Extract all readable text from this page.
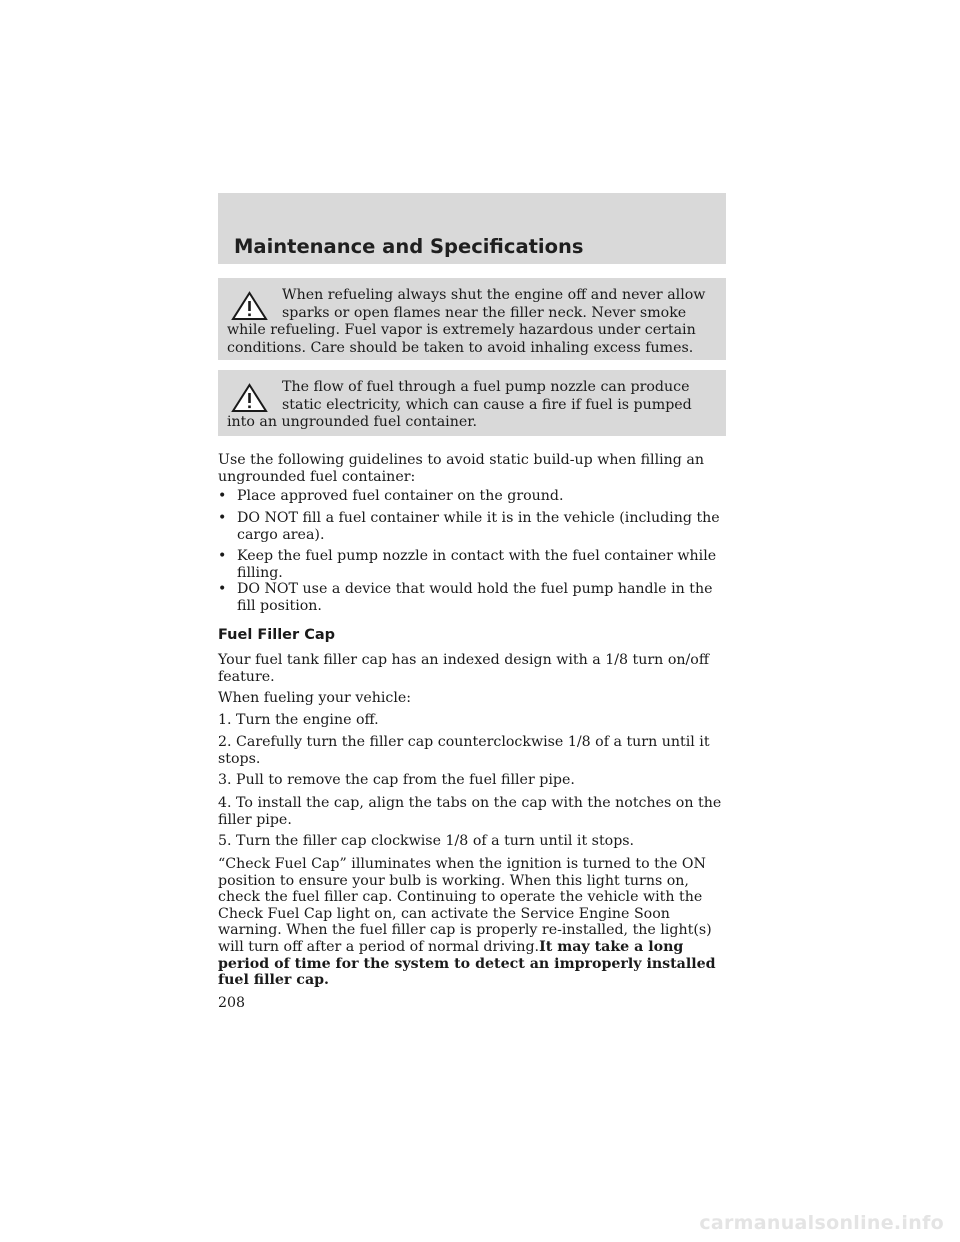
Maintenance and Specifications
When refueling always shut the engine off and never allow sparks or open flames near the filler neck. Never smoke while refueling. Fuel vapor is extremely hazardous under certain conditions. Care should be taken to avoid inhaling excess fumes.
The flow of fuel through a fuel pump nozzle can produce static electricity, which can cause a fire if fuel is pumped into an ungrounded fuel container.

Use the following guidelines to avoid static build-up when filling an ungrounded fuel container:

• Place approved fuel container on the ground.
• DO NOT fill a fuel container while it is in the vehicle (including the cargo area).
• Keep the fuel pump nozzle in contact with the fuel container while filling.
• DO NOT use a device that would hold the fuel pump handle in the fill position.
Fuel Filler Cap

Your fuel tank filler cap has an indexed design with a 1/8 turn on/off feature.

When fueling your vehicle:

1. Turn the engine off.

2. Carefully turn the filler cap counterclockwise 1/8 of a turn until it stops.

3. Pull to remove the cap from the fuel filler pipe.

4. To install the cap, align the tabs on the cap with the notches on the filler pipe.

5. Turn the filler cap clockwise 1/8 of a turn until it stops.

“Check Fuel Cap” illuminates when the ignition is turned to the ON position to ensure your bulb is working. When this light turns on, check the fuel filler cap. Continuing to operate the vehicle with the Check Fuel Cap light on, can activate the Service Engine Soon warning. When the fuel filler cap is properly re-installed, the light(s) will turn off after a period of normal driving.It may take a long period of time for the system to detect an improperly installed fuel filler cap.

208
carmanualsonline.info
